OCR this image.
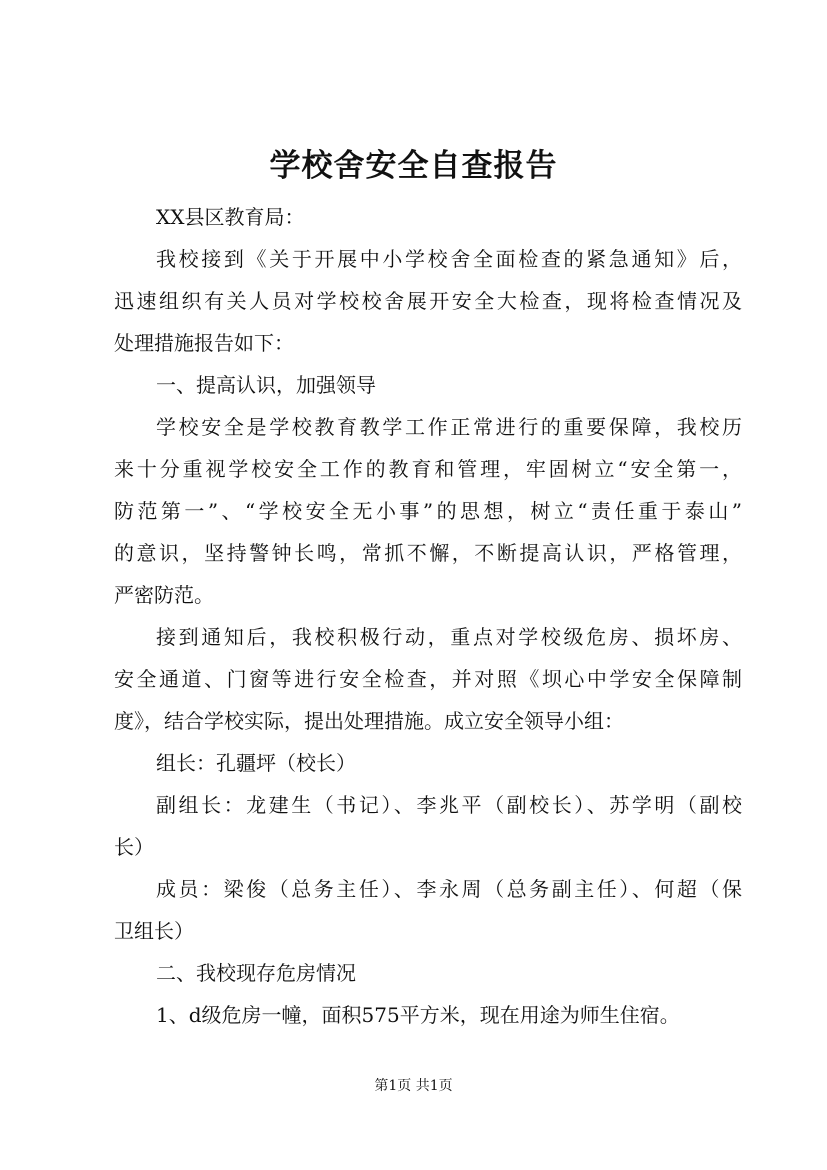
学校舍安全自查报告
XX县区教育局：
我校接到《关于开展中小学校舍全面检查的紧急通知》后，
迅速组织有关人员对学校校舍展开安全大检查，现将检查情况及
处理措施报告如下：
一、提高认识，加强领导
学校安全是学校教育教学工作正常进行的重要保障，我校历
来十分重视学校安全工作的教育和管理，牢固树立“安全第一，
防范第一”、“学校安全无小事”的思想，树立“责任重于泰山”
的意识，坚持警钟长鸣，常抓不懈，不断提高认识，严格管理，
严密防范。
接到通知后，我校积极行动，重点对学校级危房、损坏房、
安全通道、门窗等进行安全检查，并对照《坝心中学安全保障制
度》，结合学校实际，提出处理措施。成立安全领导小组：
组长：孔疆坪（校长）
副组长：龙建生（书记）、李兆平（副校长）、苏学明（副校
长）
成员：梁俊（总务主任）、李永周（总务副主任）、何超（保
卫组长）
二、我校现存危房情况
1、d级危房一幢，面积575平方米，现在用途为师生住宿。
第1页 共1页
